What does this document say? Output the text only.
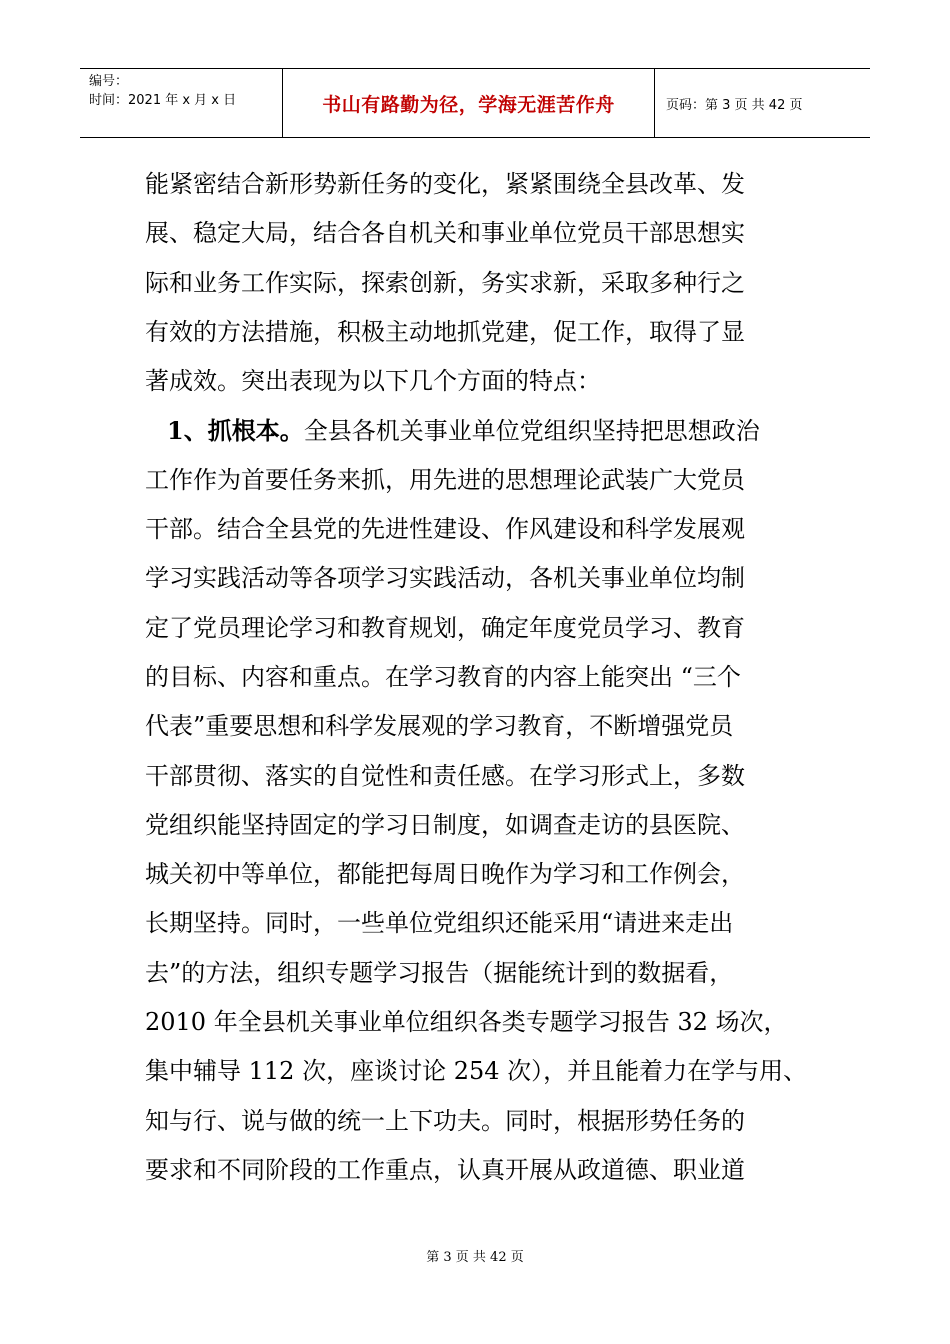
编号：
时间：2021 年 x 月 x 日	书山有路勤为径，学海无涯苦作舟	页码：第 3 页 共 42 页
能紧密结合新形势新任务的变化，紧紧围绕全县改革、发
展、稳定大局，结合各自机关和事业单位党员干部思想实
际和业务工作实际，探索创新，务实求新，采取多种行之
有效的方法措施，积极主动地抓党建，促工作，取得了显
著成效。突出表现为以下几个方面的特点：
1、抓根本。全县各机关事业单位党组织坚持把思想政治
工作作为首要任务来抓，用先进的思想理论武装广大党员
干部。结合全县党的先进性建设、作风建设和科学发展观
学习实践活动等各项学习实践活动，各机关事业单位均制
定了党员理论学习和教育规划，确定年度党员学习、教育
的目标、内容和重点。在学习教育的内容上能突出 “三个
代表”重要思想和科学发展观的学习教育，不断增强党员
干部贯彻、落实的自觉性和责任感。在学习形式上，多数
党组织能坚持固定的学习日制度，如调查走访的县医院、
城关初中等单位，都能把每周日晚作为学习和工作例会，
长期坚持。同时，一些单位党组织还能采用“请进来走出
去”的方法，组织专题学习报告（据能统计到的数据看，
2010 年全县机关事业单位组织各类专题学习报告 32 场次，
集中辅导 112 次，座谈讨论 254 次），并且能着力在学与用、
知与行、说与做的统一上下功夫。同时，根据形势任务的
要求和不同阶段的工作重点，认真开展从政道德、职业道
第 3 页 共 42 页
